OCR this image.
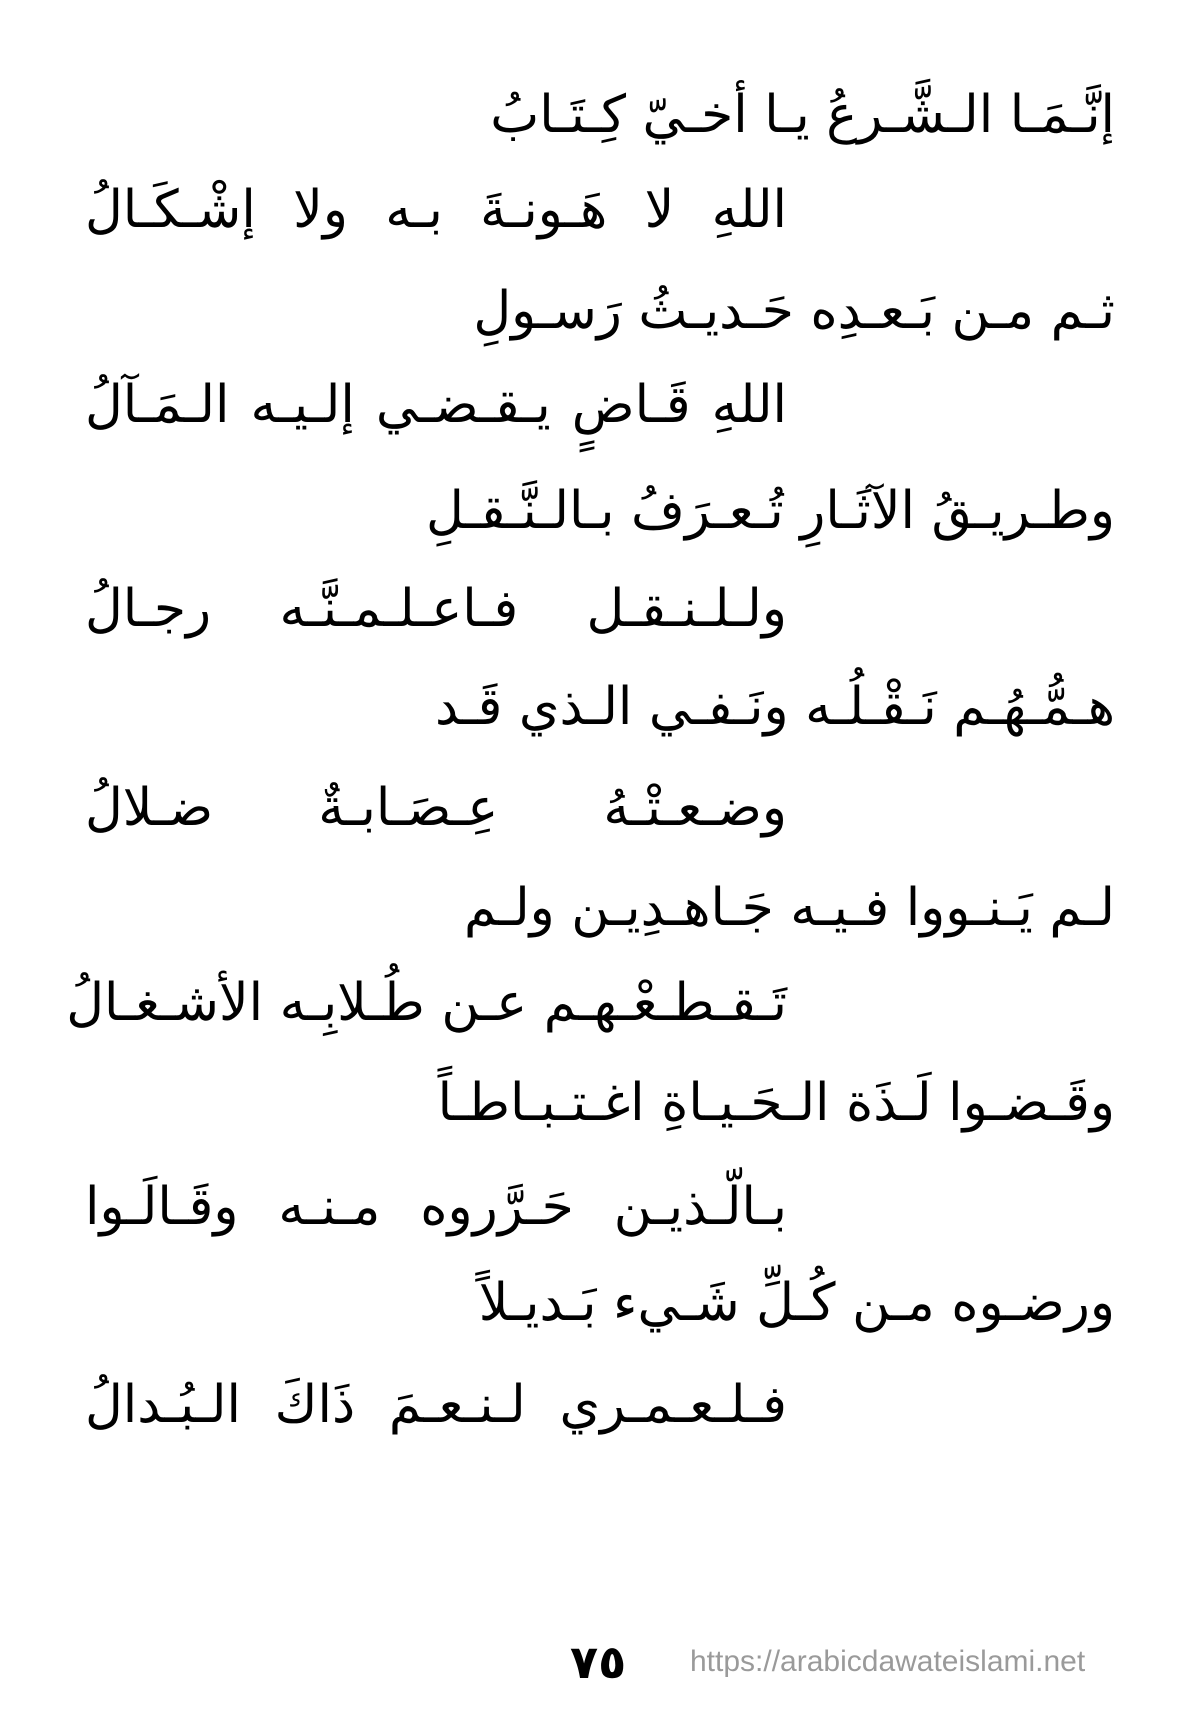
إنَّـمَـا الـشَّـرعُ يـا أخـيّ كِـتَـابُ
اللهِ لا هَـونـةَ بـه ولا إشْـكَـالُ
ثـم مـن بَـعـدِه حَـديـثُ رَسـولِ
اللهِ قَـاضٍ يـقـضـي إلـيـه الـمَـآلُ
وطـريـقُ الآثَـارِ تُـعـرَفُ بـالـنَّـقـلِ
ولـلـنـقـل فـاعـلـمـنَّـه رجـالُ
هـمُّـهُـم نَـقْـلُـه ونَـفـي الـذي قَـد
وضـعـتْـهُ عِـصَـابـةٌ ضـلالُ
لـم يَـنـووا فـيـه جَـاهـدِيـن ولـم
تَـقـطـعْـهـم عـن طُـلابِـه الأشـغـالُ
وقَـضـوا لَـذَة الـحَـيـاةِ اغـتـبـاطـاً
بـالّـذيـن حَـرَّروه مـنـه وقَـالَـوا
ورضـوه مـن كُـلِّ شَـيء بَـديـلاً
فـلـعـمـري لـنـعـمَ ذَاكَ الـبُـدالُ
٧٥ https://arabicdawateislami.net
